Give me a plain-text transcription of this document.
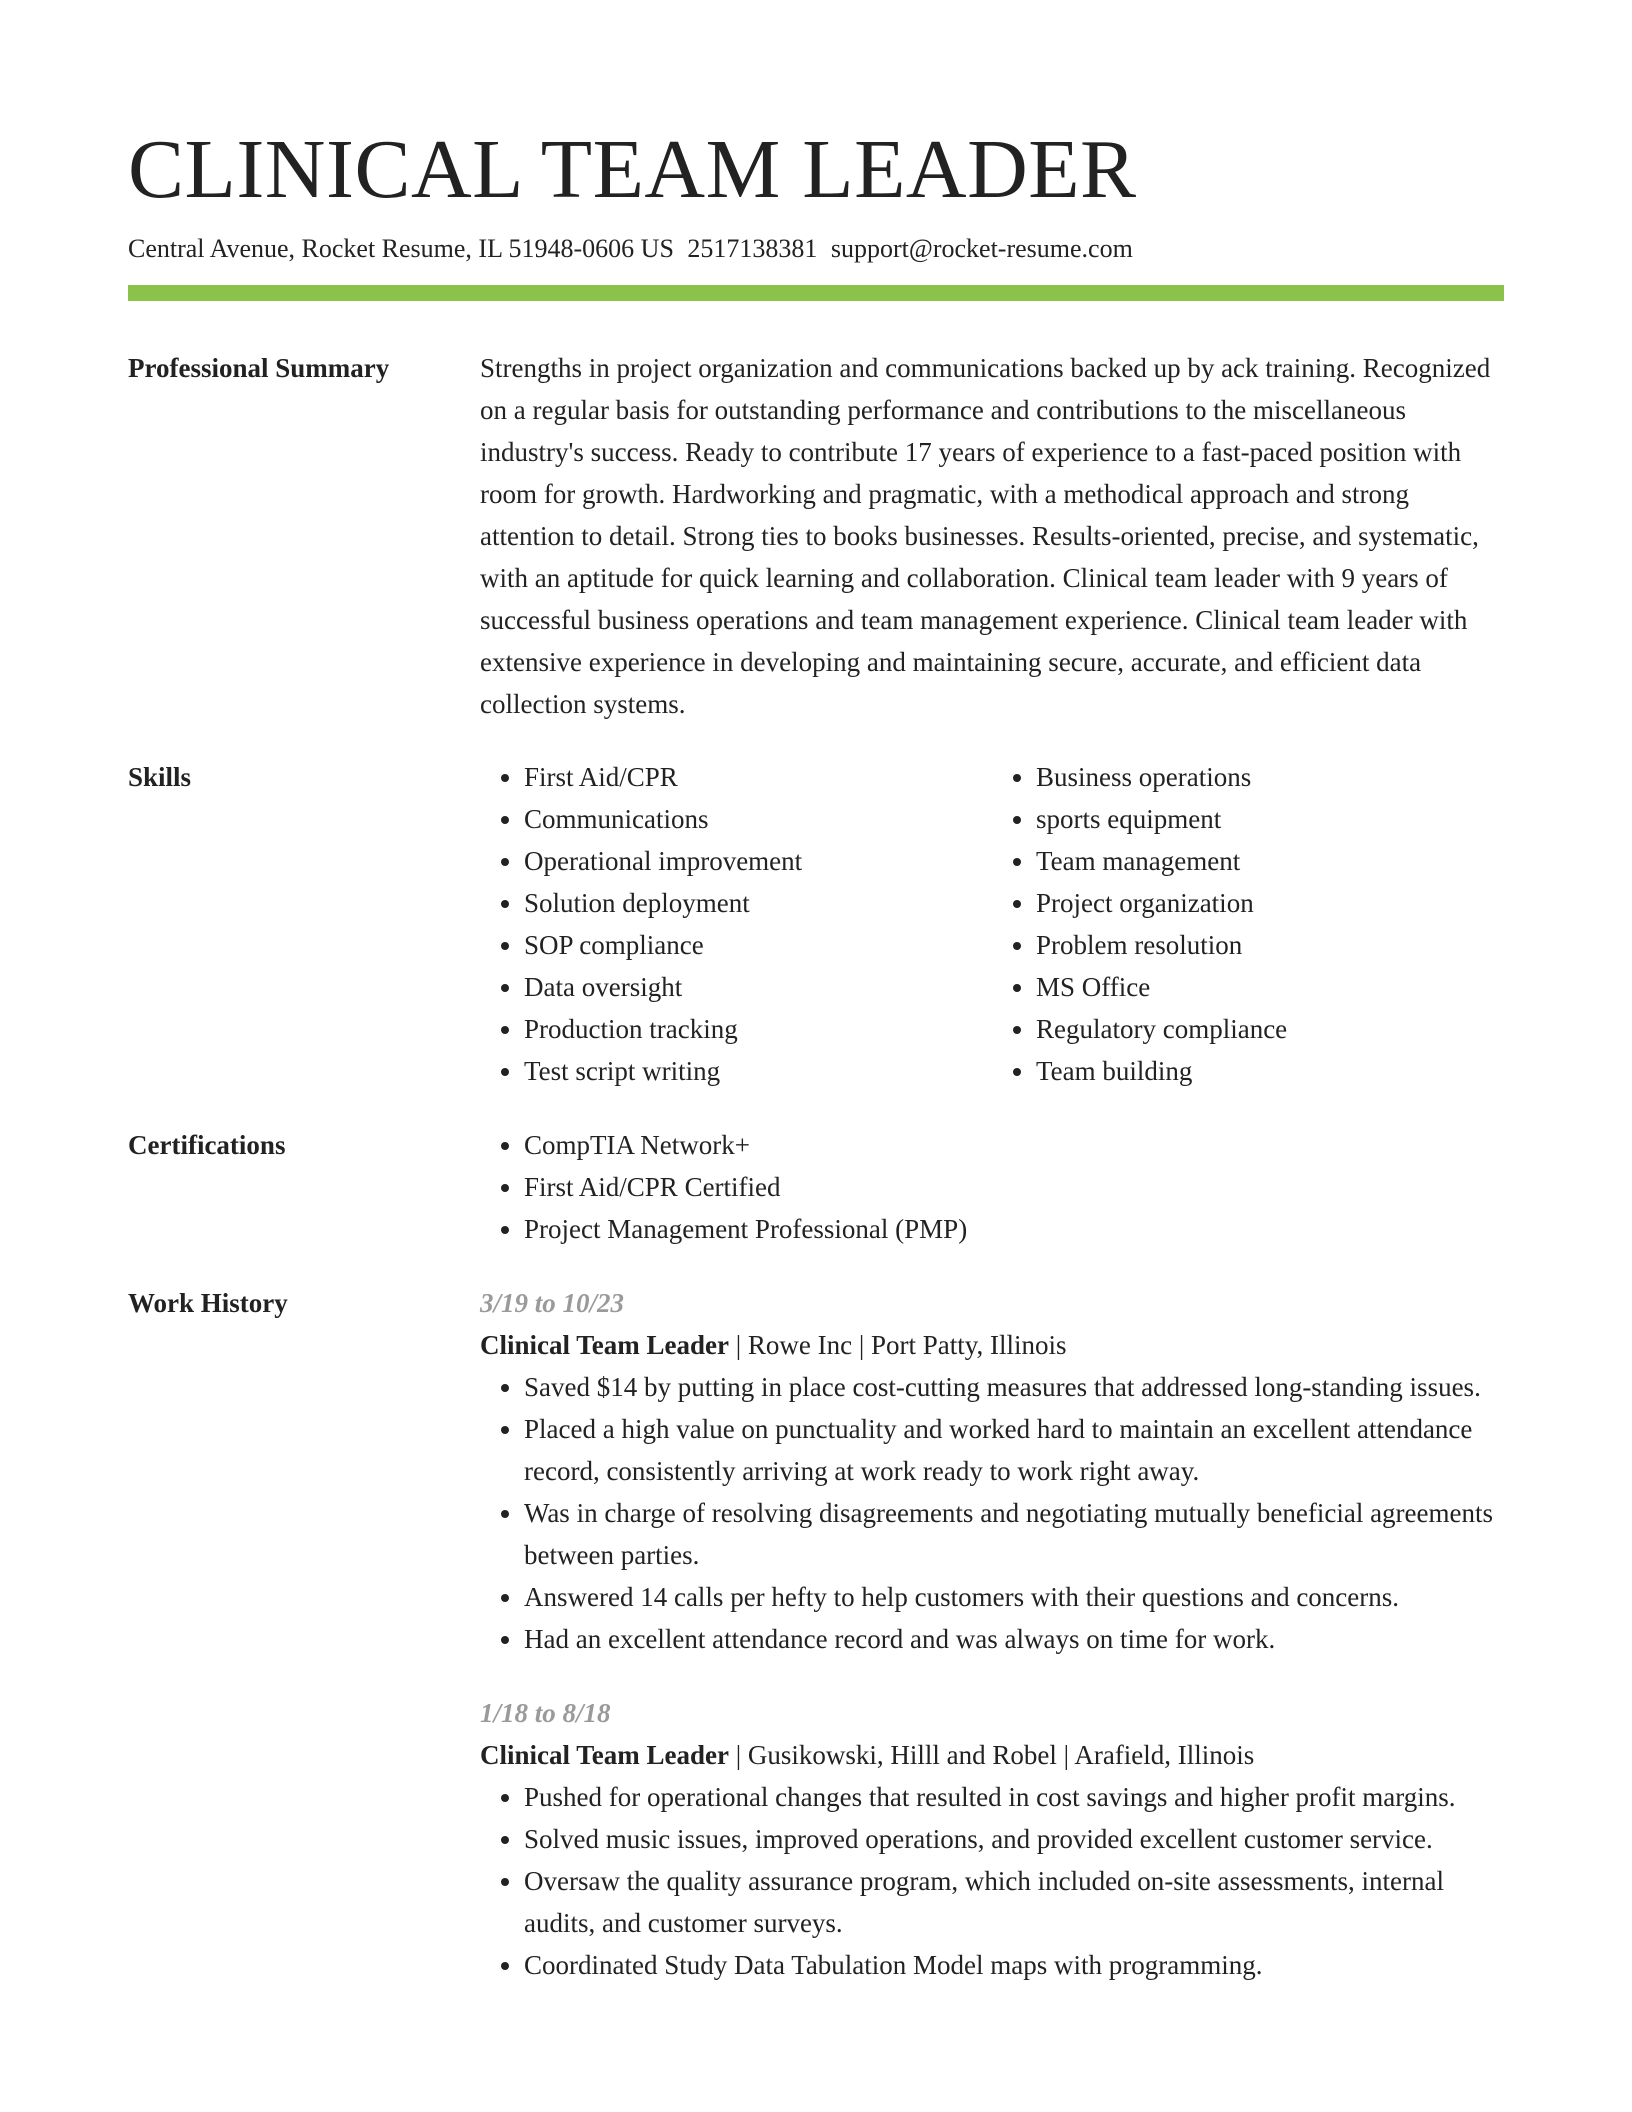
CLINICAL TEAM LEADER
Central Avenue, Rocket Resume, IL 51948-0606 US 2517138381 support@rocket-resume.com
Professional Summary	Strengths in project organization and communications backed up by ack training. Recognized on a regular basis for outstanding performance and contributions to the miscellaneous industry's success. Ready to contribute 17 years of experience to a fast-paced position with room for growth. Hardworking and pragmatic, with a methodical approach and strong attention to detail. Strong ties to books businesses. Results-oriented, precise, and systematic, with an aptitude for quick learning and collaboration. Clinical team leader with 9 years of successful business operations and team management experience. Clinical team leader with extensive experience in developing and maintaining secure, accurate, and efficient data collection systems.

Skills	• First Aid/CPR
• Communications
• Operational improvement
• Solution deployment
• SOP compliance
• Data oversight
• Production tracking
• Test script writing
• Business operations
• sports equipment
• Team management
• Project organization
• Problem resolution
• MS Office
• Regulatory compliance
• Team building
Certifications	• CompTIA Network+
• First Aid/CPR Certified
• Project Management Professional (PMP)
Work History	3/19 to 10/23
Clinical Team Leader | Rowe Inc | Port Patty, Illinois
• Saved $14 by putting in place cost-cutting measures that addressed long-standing issues.
• Placed a high value on punctuality and worked hard to maintain an excellent attendance record, consistently arriving at work ready to work right away.
• Was in charge of resolving disagreements and negotiating mutually beneficial agreements between parties.
• Answered 14 calls per hefty to help customers with their questions and concerns.
• Had an excellent attendance record and was always on time for work.
1/18 to 8/18
Clinical Team Leader | Gusikowski, Hilll and Robel | Arafield, Illinois
• Pushed for operational changes that resulted in cost savings and higher profit margins.
• Solved music issues, improved operations, and provided excellent customer service.
• Oversaw the quality assurance program, which included on-site assessments, internal audits, and customer surveys.
• Coordinated Study Data Tabulation Model maps with programming.
